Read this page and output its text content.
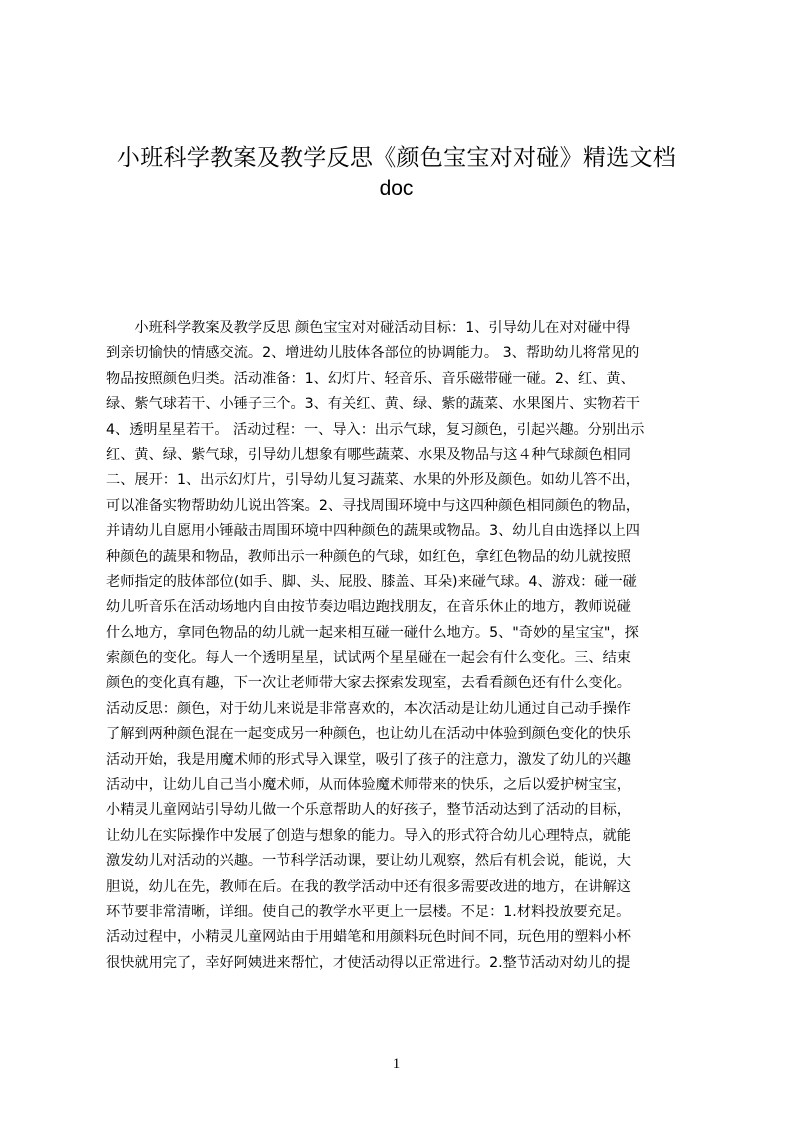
小班科学教案及教学反思《颜色宝宝对对碰》精选文档
doc
　　小班科学教案及教学反思 颜色宝宝对对碰活动目标：1、引导幼儿在对对碰中得
到亲切愉快的情感交流。2、增进幼儿肢体各部位的协调能力。 3、帮助幼儿将常见的
物品按照颜色归类。活动准备：1、幻灯片、轻音乐、音乐磁带碰一碰。2、红、黄、
绿、紫气球若干、小锤子三个。3、有关红、黄、绿、紫的蔬菜、水果图片、实物若干
4、透明星星若干。 活动过程：一、导入：出示气球，复习颜色，引起兴趣。分别出示
红、黄、绿、紫气球，引导幼儿想象有哪些蔬菜、水果及物品与这４种气球颜色相同
二、展开：1、出示幻灯片，引导幼儿复习蔬菜、水果的外形及颜色。如幼儿答不出，
可以准备实物帮助幼儿说出答案。2、寻找周围环境中与这四种颜色相同颜色的物品，
并请幼儿自愿用小锤敲击周围环境中四种颜色的蔬果或物品。3、幼儿自由选择以上四
种颜色的蔬果和物品，教师出示一种颜色的气球，如红色，拿红色物品的幼儿就按照
老师指定的肢体部位(如手、脚、头、屁股、膝盖、耳朵)来碰气球。4、游戏：碰一碰
幼儿听音乐在活动场地内自由按节奏边唱边跑找朋友，在音乐休止的地方，教师说碰
什么地方，拿同色物品的幼儿就一起来相互碰一碰什么地方。5、"奇妙的星宝宝"，探
索颜色的变化。每人一个透明星星，试试两个星星碰在一起会有什么变化。三、结束
颜色的变化真有趣，下一次让老师带大家去探索发现室，去看看颜色还有什么变化。
活动反思：颜色，对于幼儿来说是非常喜欢的，本次活动是让幼儿通过自己动手操作
了解到两种颜色混在一起变成另一种颜色，也让幼儿在活动中体验到颜色变化的快乐
活动开始，我是用魔术师的形式导入课堂，吸引了孩子的注意力，激发了幼儿的兴趣
活动中，让幼儿自己当小魔术师，从而体验魔术师带来的快乐，之后以爱护树宝宝，
小精灵儿童网站引导幼儿做一个乐意帮助人的好孩子，整节活动达到了活动的目标，
让幼儿在实际操作中发展了创造与想象的能力。导入的形式符合幼儿心理特点，就能
激发幼儿对活动的兴趣。一节科学活动课，要让幼儿观察，然后有机会说，能说，大
胆说，幼儿在先，教师在后。在我的教学活动中还有很多需要改进的地方，在讲解这
环节要非常清晰，详细。使自己的教学水平更上一层楼。不足：1.材料投放要充足。
活动过程中，小精灵儿童网站由于用蜡笔和用颜料玩色时间不同，玩色用的塑料小杯
很快就用完了，幸好阿姨进来帮忙，才使活动得以正常进行。2.整节活动对幼儿的提
1
